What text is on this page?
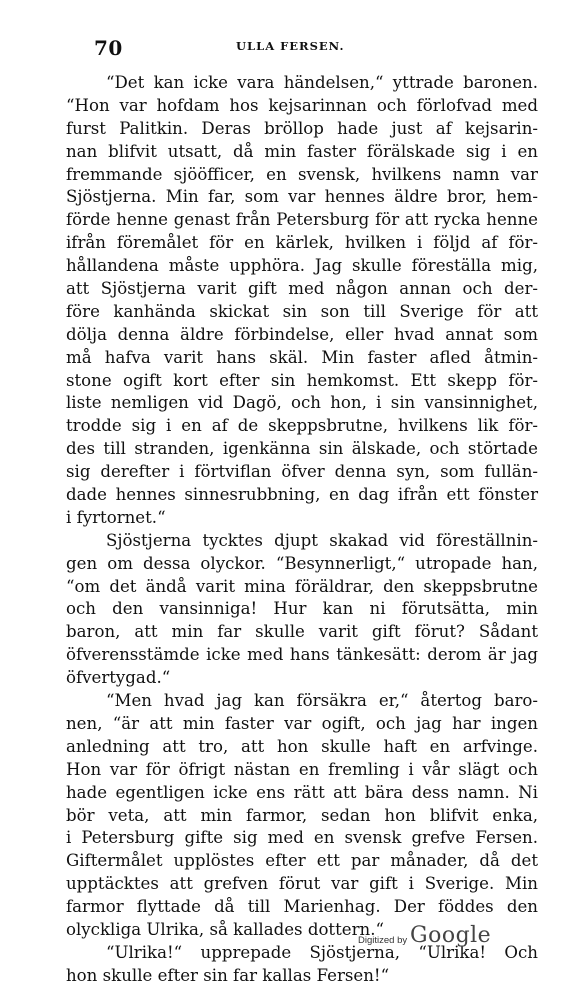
70	ULLA FERSEN.
“Det kan icke vara händelsen,“ yttrade baronen.
“Hon var hofdam hos kejsarinnan och förlofvad med
furst Palitkin. Deras bröllop hade just af kejsarin-
nan blifvit utsatt, då min faster förälskade sig i en
fremmande sjööfficer, en svensk, hvilkens namn var
Sjöstjerna. Min far, som var hennes äldre bror, hem-
förde henne genast från Petersburg för att rycka henne
ifrån föremålet för en kärlek, hvilken i följd af för-
hållandena måste upphöra. Jag skulle föreställa mig,
att Sjöstjerna varit gift med någon annan och der-
före kanhända skickat sin son till Sverige för att
dölja denna äldre förbindelse, eller hvad annat som
må hafva varit hans skäl. Min faster afled åtmin-
stone ogift kort efter sin hemkomst. Ett skepp för-
liste nemligen vid Dagö, och hon, i sin vansinnighet,
trodde sig i en af de skeppsbrutne, hvilkens lik för-
des till stranden, igenkänna sin älskade, och störtade
sig derefter i förtviflan öfver denna syn, som fullän-
dade hennes sinnesrubbning, en dag ifrån ett fönster
i fyrtornet.“
Sjöstjerna tycktes djupt skakad vid föreställnin-
gen om dessa olyckor. “Besynnerligt,“ utropade han,
“om det ändå varit mina föräldrar, den skeppsbrutne
och den vansinniga! Hur kan ni förutsätta, min
baron, att min far skulle varit gift förut? Sådant
öfverensstämde icke med hans tänkesätt: derom är jag
öfvertygad.“
“Men hvad jag kan försäkra er,“ återtog baro-
nen, “är att min faster var ogift, och jag har ingen
anledning att tro, att hon skulle haft en arfvinge.
Hon var för öfrigt nästan en fremling i vår slägt och
hade egentligen icke ens rätt att bära dess namn. Ni
bör veta, att min farmor, sedan hon blifvit enka,
i Petersburg gifte sig med en svensk grefve Fersen.
Giftermålet upplöstes efter ett par månader, då det
upptäcktes att grefven förut var gift i Sverige. Min
farmor flyttade då till Marienhag. Der föddes den
olyckliga Ulrika, så kallades dottern.“
“Ulrika!“ upprepade Sjöstjerna, “Ulrika! Och
hon skulle efter sin far kallas Fersen!“
Digitized by Google
